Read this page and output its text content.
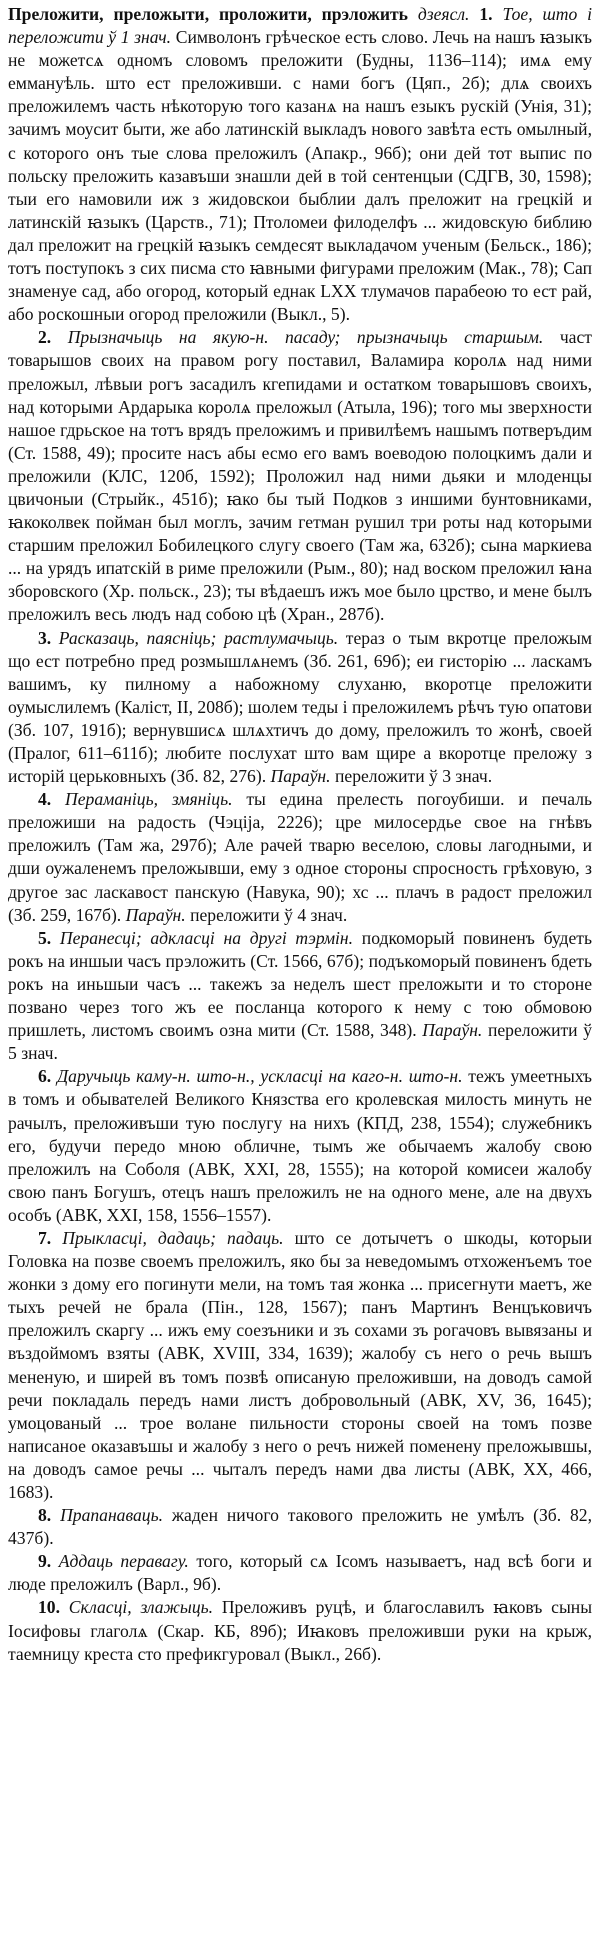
Преложити, преложыти, проложити, прэложить дзеясл. 1. Тое, што і переложити ў 1 знач. Символонъ грѣческое есть слово. Лечь на нашъ ꙗзыкъ не можетсѧ одномъ словомъ преложити (Будны, 1136–114); имѧ ему еммануѣль. што ест преложивши. с нами богъ (Цяп., 2б); длѧ своихъ преложилемъ часть нѣкоторую того казанѧ на нашъ езыкъ рускій (Унія, 31); зачимъ моусит быти, же або латинскій выкладъ нового завѣта есть омылный, с которого онъ тые слова преложилъ (Апакр., 96б); они дей тот выпис по польску преложить казавъши знашли дей в той сентенцыи (СДГВ, 30, 1598); тыи его намовили иж з жидовскои быблии далъ преложит на грецкій и латинскій ꙗзыкъ (Царств., 71); Птоломеи филоделфъ ... жидовскую библию дал преложит на грецкій ꙗзыкъ семдесят выкладачом ученым (Бельск., 186); тотъ поступокъ з сих писма сто ꙗвными фигурами преложим (Мак., 78); Сап знаменуе сад, або огород, который еднак LXX тлумачов парабеою то ест рай, або роскошныи огород преложили (Выкл., 5).

2. Прызначыць на якую-н. пасаду; прызначыць старшым. част товарышов своих на правом рогу поставил, Валамира королѧ над ними преложыл, лѣвыи рогъ засадилъ кгепидами и остатком товарышовъ своихъ, над которыми Ардарыка королѧ преложыл (Атыла, 196); того мы зверхности нашое гдрьское на тотъ врядъ преложимъ и привилѣемъ нашымъ потверъдим (Ст. 1588, 49); просите насъ абы есмо его вамъ воеводою полоцкимъ дали и преложили (КЛС, 120б, 1592); Проложил над ними дьяки и млоденцы цвичоныи (Стрыйк., 451б); ꙗко бы тый Подков з иншими бунтовниками, ꙗкоколвек пойман был моглъ, зачим гетман рушил три роты над которыми старшим преложил Бобилецкого слугу своего (Там жа, 632б); сына маркиева ... на урядъ ипатскій в риме преложили (Рым., 80); над воском преложил ꙗна зборовского (Хр. польск., 23); ты вѣдаешъ ижъ мое было црство, и мене былъ преложилъ весь людъ над собою цѣ (Хран., 287б).

3. Расказаць, паясніць; растлумачыць. тераз о тым вкротце преложым що ест потребно пред розмышлѧнемъ (Зб. 261, 69б); еи гисторію ... ласкамъ вашимъ, ку пилному а набожному слуханю, вкоротце преложити оумыслилемъ (Каліст, II, 208б); шолем теды і преложилемъ рѣчъ тую опатови (Зб. 107, 191б); вернувшисѧ шлѧхтичъ до дому, преложилъ то жонѣ, своей (Пралог, 611–611б); любите послухат што вам щире а вкоротце преложу з исторій церьковныхъ (Зб. 82, 276). Параўн. переложити ў 3 знач.

4. Пераманіць, змяніць. ты едина прелесть погоубиши. и печаль преложиши на радость (Чэціја, 2226); цре милосердье свое на гнѣвъ преложилъ (Там жа, 297б); Але рачей тварю веселою, словы лагодными, и дши оужаленемъ преложывши, ему з одное стороны спросность грѣховую, з другое зас ласкавост панскую (Навука, 90); хс ... плачъ в радост преложил (Зб. 259, 167б). Параўн. переложити ў 4 знач.

5. Перанесці; адкласці на другі тэрмін. подкоморый повиненъ будеть рокъ на иншыи часъ прэложить (Ст. 1566, 67б); подъкоморый повиненъ бдеть рокъ на иньшыи часъ ... такежъ за неделъ шест преложыти и то стороне позвано через того жъ ее посланца которого к нему с тою обмовою пришлеть, листомъ своимъ озна мити (Ст. 1588, 348). Параўн. переложити ў 5 знач.

6. Даручыць каму-н. што-н., ускласці на каго-н. што-н. тежъ умеетныхъ в томъ и обывателей Великого Князства его кролевская милость минуть не рачылъ, преложивъши тую послугу на нихъ (КПД, 238, 1554); служебникъ его, будучи передо мною обличне, тымъ же обычаемъ жалобу свою преложилъ на Соболя (АВК, XXI, 28, 1555); на которой комисеи жалобу свою панъ Богушъ, отецъ нашъ преложилъ не на одного мене, але на двухъ особъ (АВК, XXI, 158, 1556–1557).

7. Прыкласці, дадаць; падаць. што се дотычетъ о шкоды, которыи Головка на позве своемъ преложилъ, яко бы за неведомымъ отхоженъемъ тое жонки з дому его погинути мели, на томъ тая жонка ... присегнути маетъ, же тыхъ речей не брала (Пін., 128, 1567); панъ Мартинъ Венцъковичъ преложилъ скаргу ... ижъ ему соезъники и зъ сохами зъ рогачовъ вывязаны и въздоймомъ взяты (АВК, XVIII, 334, 1639); жалобу съ него о речь вышъ мененую, и ширей въ томъ позвѣ описаную преложивши, на доводъ самой речи покладаль передъ нами листъ добровольный (АВК, XV, 36, 1645); умоцованый ... трое волане пильности стороны своей на томъ позве написаное оказавъшы и жалобу з него о речъ нижей поменену преложывшы, на доводъ самое речы ... чыталъ передъ нами два листы (АВК, XX, 466, 1683).

8. Прапанаваць. жаден ничого таковогo преложить не умѣлъ (Зб. 82, 437б).

9. Аддаць перавагу. того, который сѧ Ісомъ называетъ, над всѣ боги и люде преложилъ (Варл., 9б).

10. Скласці, злажыць. Преложивъ руцѣ, и благославилъ ꙗковъ сыны Іосифовы глаголѧ (Скар. КБ, 89б); Иꙗковъ преложивши руки на крыж, таемницу креста сто префикгуровал (Выкл., 26б).
